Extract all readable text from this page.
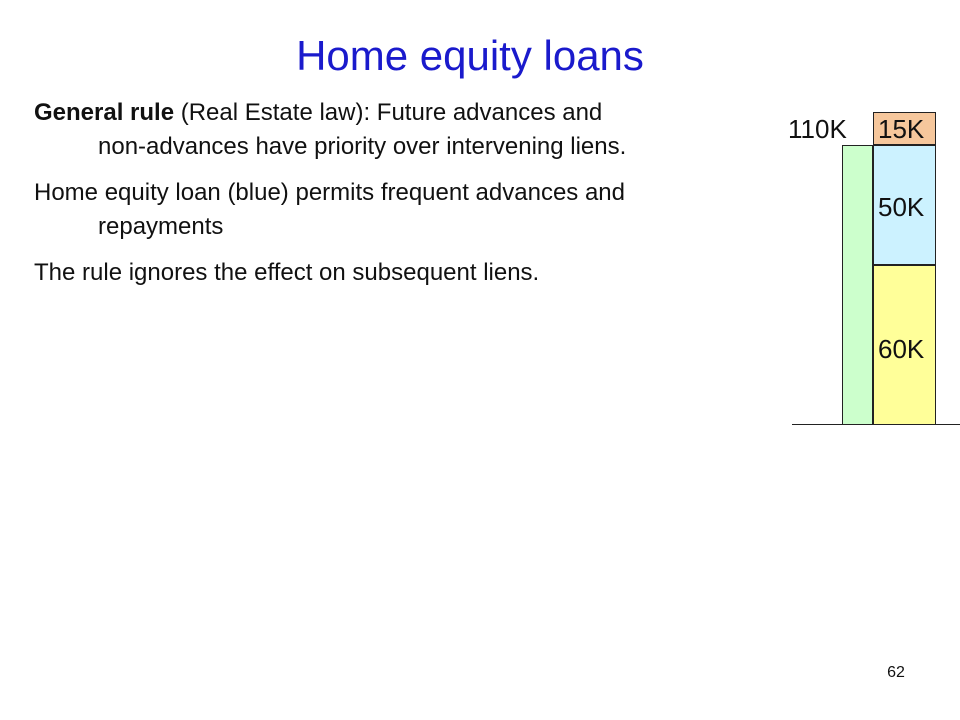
Home equity loans

General rule (Real Estate law): Future advances and non-advances have priority over intervening liens.

Home equity loan (blue) permits frequent advances and repayments

The rule ignores the effect on subsequent liens.

110K 15K
50K
60K
62
